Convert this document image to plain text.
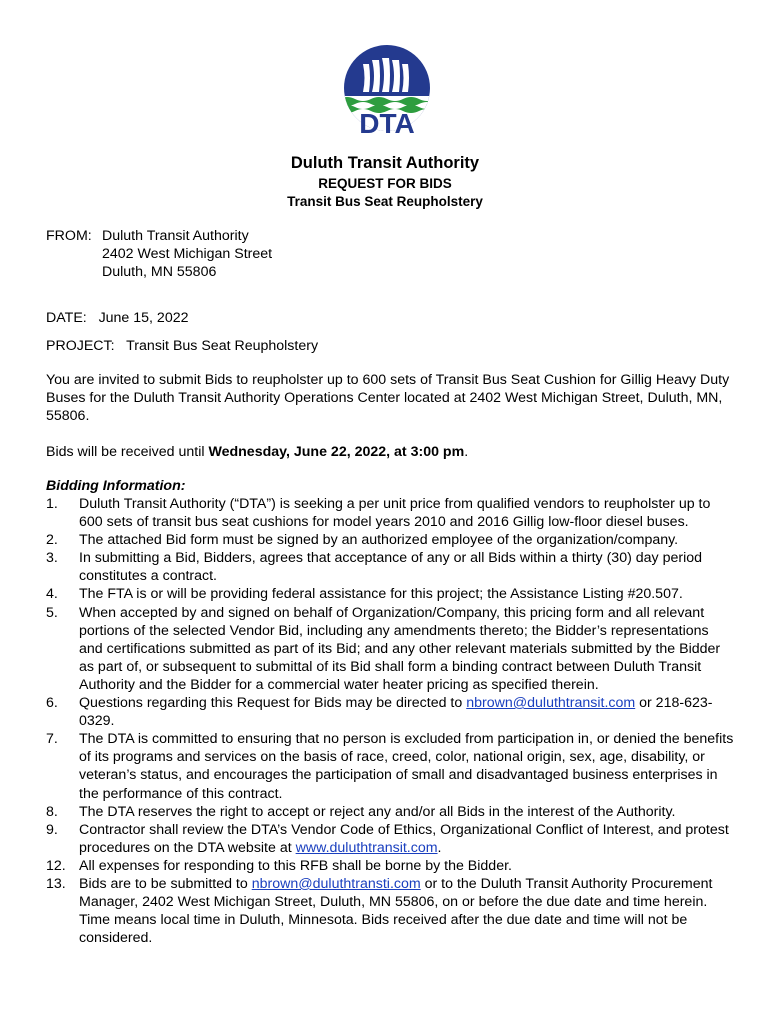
DTA
Duluth Transit Authority
REQUEST FOR BIDS
Transit Bus Seat Reupholstery
FROM: Duluth Transit Authority
2402 West Michigan Street
Duluth, MN 55806
DATE: June 15, 2022
PROJECT: Transit Bus Seat Reupholstery
You are invited to submit Bids to reupholster up to 600 sets of Transit Bus Seat Cushion for Gillig Heavy Duty Buses for the Duluth Transit Authority Operations Center located at 2402 West Michigan Street, Duluth, MN, 55806.
Bids will be received until Wednesday, June 22, 2022, at 3:00 pm.
Bidding Information:
1.	Duluth Transit Authority (“DTA”) is seeking a per unit price from qualified vendors to reupholster up to 600 sets of transit bus seat cushions for model years 2010 and 2016 Gillig low-floor diesel buses.
2.	The attached Bid form must be signed by an authorized employee of the organization/company.
3.	In submitting a Bid, Bidders, agrees that acceptance of any or all Bids within a thirty (30) day period constitutes a contract.
4.	The FTA is or will be providing federal assistance for this project; the Assistance Listing #20.507.
5.	When accepted by and signed on behalf of Organization/Company, this pricing form and all relevant portions of the selected Vendor Bid, including any amendments thereto; the Bidder’s representations and certifications submitted as part of its Bid; and any other relevant materials submitted by the Bidder as part of, or subsequent to submittal of its Bid shall form a binding contract between Duluth Transit Authority and the Bidder for a commercial water heater pricing as specified therein.
6.	Questions regarding this Request for Bids may be directed to nbrown@duluthtransit.com or 218-623-0329.
7.	The DTA is committed to ensuring that no person is excluded from participation in, or denied the benefits of its programs and services on the basis of race, creed, color, national origin, sex, age, disability, or veteran’s status, and encourages the participation of small and disadvantaged business enterprises in the performance of this contract.
8.	The DTA reserves the right to accept or reject any and/or all Bids in the interest of the Authority.
9.	Contractor shall review the DTA’s Vendor Code of Ethics, Organizational Conflict of Interest, and protest procedures on the DTA website at www.duluthtransit.com.
12. All expenses for responding to this RFB shall be borne by the Bidder.
13. Bids are to be submitted to nbrown@duluthtransti.com or to the Duluth Transit Authority Procurement Manager, 2402 West Michigan Street, Duluth, MN 55806, on or before the due date and time herein. Time means local time in Duluth, Minnesota. Bids received after the due date and time will not be considered.
